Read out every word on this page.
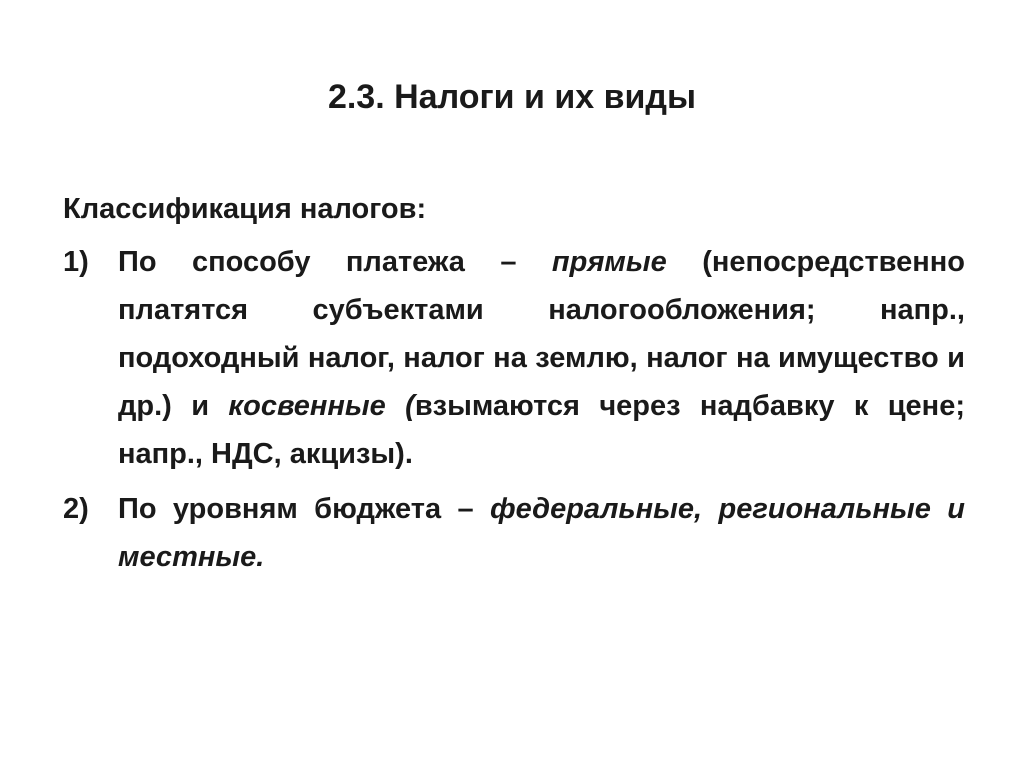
2.3. Налоги и их виды
Классификация налогов:
1) По способу платежа – прямые (непосредственно платятся субъектами налогообложения; напр., подоходный налог, налог на землю, налог на имущество и др.) и косвенные (взымаются через надбавку к цене; напр., НДС, акцизы).
2) По уровням бюджета – федеральные, региональные и местные.
